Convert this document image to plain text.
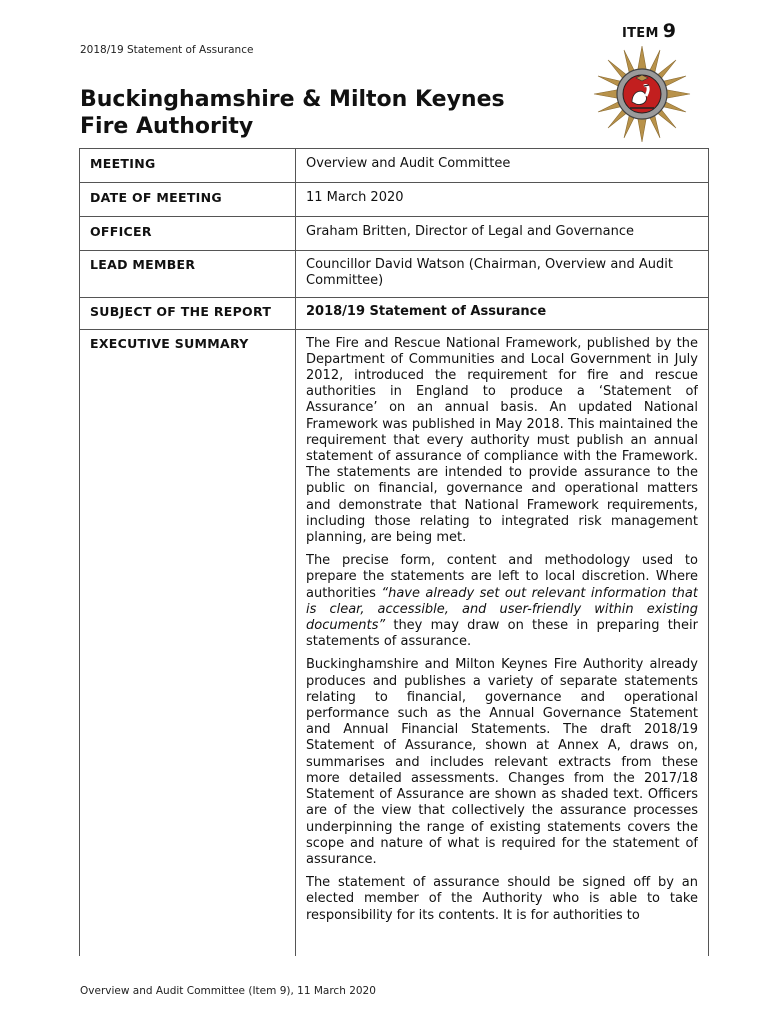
2018/19 Statement of Assurance
ITEM 9
Buckinghamshire & Milton Keynes
Fire Authority
MEETING	Overview and Audit Committee
DATE OF MEETING	11 March 2020
OFFICER	Graham Britten, Director of Legal and Governance
LEAD MEMBER	Councillor David Watson (Chairman, Overview and Audit Committee)
SUBJECT OF THE REPORT	2018/19 Statement of Assurance
EXECUTIVE SUMMARY	The Fire and Rescue National Framework, published by the Department of Communities and Local Government in July 2012, introduced the requirement for fire and rescue authorities in England to produce a ‘Statement of Assurance’ on an annual basis. An updated National Framework was published in May 2018. This maintained the requirement that every authority must publish an annual statement of assurance of compliance with the Framework. The statements are intended to provide assurance to the public on financial, governance and operational matters and demonstrate that National Framework requirements, including those relating to integrated risk management planning, are being met.

The precise form, content and methodology used to prepare the statements are left to local discretion. Where authorities “have already set out relevant information that is clear, accessible, and user-friendly within existing documents” they may draw on these in preparing their statements of assurance.

Buckinghamshire and Milton Keynes Fire Authority already produces and publishes a variety of separate statements relating to financial, governance and operational performance such as the Annual Governance Statement and Annual Financial Statements. The draft 2018/19 Statement of Assurance, shown at Annex A, draws on, summarises and includes relevant extracts from these more detailed assessments. Changes from the 2017/18 Statement of Assurance are shown as shaded text. Officers are of the view that collectively the assurance processes underpinning the range of existing statements covers the scope and nature of what is required for the statement of assurance.

The statement of assurance should be signed off by an elected member of the Authority who is able to take responsibility for its contents. It is for authorities to

Overview and Audit Committee (Item 9), 11 March 2020
